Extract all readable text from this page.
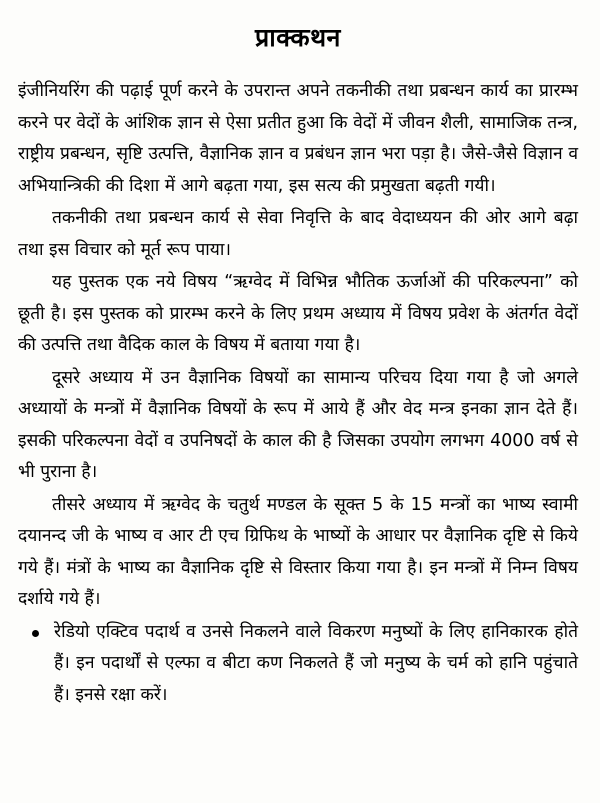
प्राक्कथन

इंजीनियरिंग की पढ़ाई पूर्ण करने के उपरान्त अपने तकनीकी तथा प्रबन्धन कार्य का प्रारम्भ करने पर वेदों के आंशिक ज्ञान से ऐसा प्रतीत हुआ कि वेदों में जीवन शैली, सामाजिक तन्त्र, राष्ट्रीय प्रबन्धन, सृष्टि उत्पत्ति, वैज्ञानिक ज्ञान व प्रबंधन ज्ञान भरा पड़ा है। जैसे-जैसे विज्ञान व अभियान्त्रिकी की दिशा में आगे बढ़ता गया, इस सत्य की प्रमुखता बढ़ती गयी।

तकनीकी तथा प्रबन्धन कार्य से सेवा निवृत्ति के बाद वेदाध्ययन की ओर आगे बढ़ा तथा इस विचार को मूर्त रूप पाया।

यह पुस्तक एक नये विषय “ऋग्वेद में विभिन्न भौतिक ऊर्जाओं की परिकल्पना” को छूती है। इस पुस्तक को प्रारम्भ करने के लिए प्रथम अध्याय में विषय प्रवेश के अंतर्गत वेदों की उत्पत्ति तथा वैदिक काल के विषय में बताया गया है।

दूसरे अध्याय में उन वैज्ञानिक विषयों का सामान्य परिचय दिया गया है जो अगले अध्यायों के मन्त्रों में वैज्ञानिक विषयों के रूप में आये हैं और वेद मन्त्र इनका ज्ञान देते हैं। इसकी परिकल्पना वेदों व उपनिषदों के काल की है जिसका उपयोग लगभग 4000 वर्ष से भी पुराना है।

तीसरे अध्याय में ऋग्वेद के चतुर्थ मण्डल के सूक्त 5 के 15 मन्त्रों का भाष्य स्वामी दयानन्द जी के भाष्य व आर टी एच ग्रिफिथ के भाष्यों के आधार पर वैज्ञानिक दृष्टि से किये गये हैं। मंत्रों के भाष्य का वैज्ञानिक दृष्टि से विस्तार किया गया है। इन मन्त्रों में निम्न विषय दर्शाये गये हैं।

रेडियो एक्टिव पदार्थ व उनसे निकलने वाले विकरण मनुष्यों के लिए हानिकारक होते हैं। इन पदार्थों से एल्फा व बीटा कण निकलते हैं जो मनुष्य के चर्म को हानि पहुंचाते हैं। इनसे रक्षा करें।
